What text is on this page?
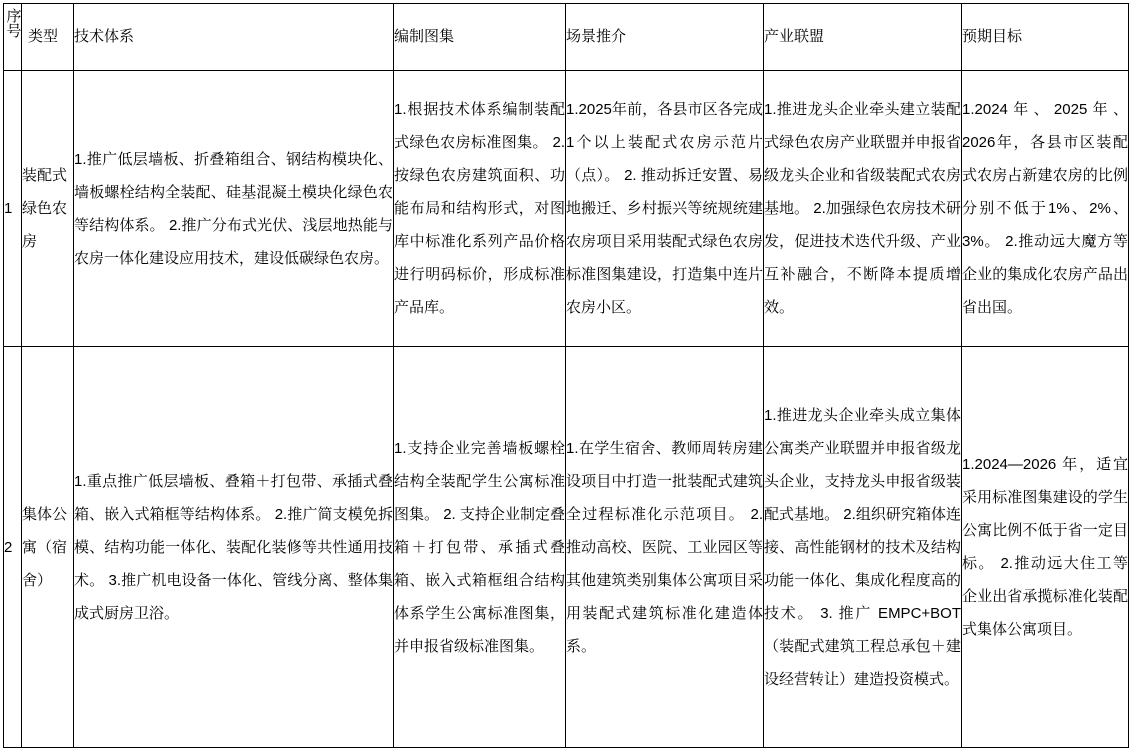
序号	类型	技术体系	编制图集	场景推介	产业联盟	预期目标
1	装配式绿色农房	1.推广低层墙板、折叠箱组合、钢结构模块化、墙板螺栓结构全装配、硅基混凝土模块化绿色农等结构体系。 2.推广分布式光伏、浅层地热能与农房一体化建设应用技术，建设低碳绿色农房。	1.根据技术体系编制装配式绿色农房标准图集。 2. 按绿色农房建筑面积、功能布局和结构形式，对图库中标准化系列产品价格进行明码标价，形成标准产品库。	1.2025年前，各县市区各完成1个以上装配式农房示范片（点）。 2. 推动拆迁安置、易地搬迁、乡村振兴等统规统建农房项目采用装配式绿色农房标准图集建设，打造集中连片农房小区。	1.推进龙头企业牵头建立装配式绿色农房产业联盟并申报省级龙头企业和省级装配式农房基地。 2.加强绿色农房技术研发，促进技术迭代升级、产业互补融合，不断降本提质增效。	1.2024年、2025年、2026年，各县市区装配式农房占新建农房的比例分别不低于1%、2%、3%。 2.推动远大魔方等企业的集成化农房产品出省出国。
2	集体公寓（宿舍）	1.重点推广低层墙板、叠箱＋打包带、承插式叠箱、嵌入式箱框等结构体系。 2.推广简支模免拆模、结构功能一体化、装配化装修等共性通用技术。 3.推广机电设备一体化、管线分离、整体集成式厨房卫浴。	1.支持企业完善墙板螺栓结构全装配学生公寓标准图集。 2. 支持企业制定叠箱＋打包带、承插式叠箱、嵌入式箱框组合结构体系学生公寓标准图集，并申报省级标准图集。	1.在学生宿舍、教师周转房建设项目中打造一批装配式建筑全过程标准化示范项目。 2. 推动高校、医院、工业园区等其他建筑类别集体公寓项目采用装配式建筑标准化建造体系。	1.推进龙头企业牵头成立集体公寓类产业联盟并申报省级龙头企业，支持龙头申报省级装配式基地。 2.组织研究箱体连接、高性能钢材的技术及结构功能一体化、集成化程度高的技术。 3. 推广 EMPC+BOT（装配式建筑工程总承包＋建设经营转让）建造投资模式。	1.2024—2026 年，适宜采用标准图集建设的学生公寓比例不低于省一定目标。 2.推动远大住工等企业出省承揽标准化装配式集体公寓项目。
